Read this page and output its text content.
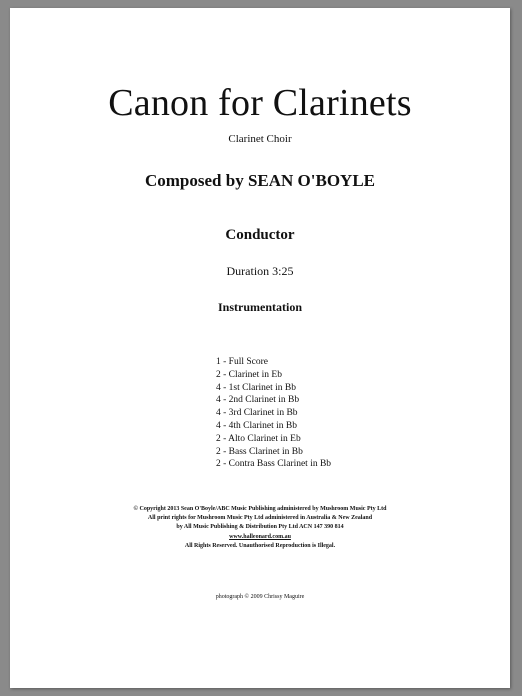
Canon for Clarinets
Clarinet Choir
Composed by SEAN O'BOYLE
Conductor
Duration 3:25
Instrumentation
1 - Full Score
2 - Clarinet in Eb
4 - 1st Clarinet in Bb
4 - 2nd Clarinet in Bb
4 - 3rd Clarinet in Bb
4 - 4th Clarinet in Bb
2 - Alto Clarinet in Eb
2 - Bass Clarinet in Bb
2 - Contra Bass Clarinet in Bb
© Copyright 2013 Sean O'Boyle/ABC Music Publishing administered by Mushroom Music Pty Ltd
All print rights for Mushroom Music Pty Ltd administered in Australia & New Zealand
by All Music Publishing & Distribution Pty Ltd ACN 147 390 814
www.halleonard.com.au
All Rights Reserved. Unauthorised Reproduction is Illegal.
photograph © 2009 Chrissy Maguire
